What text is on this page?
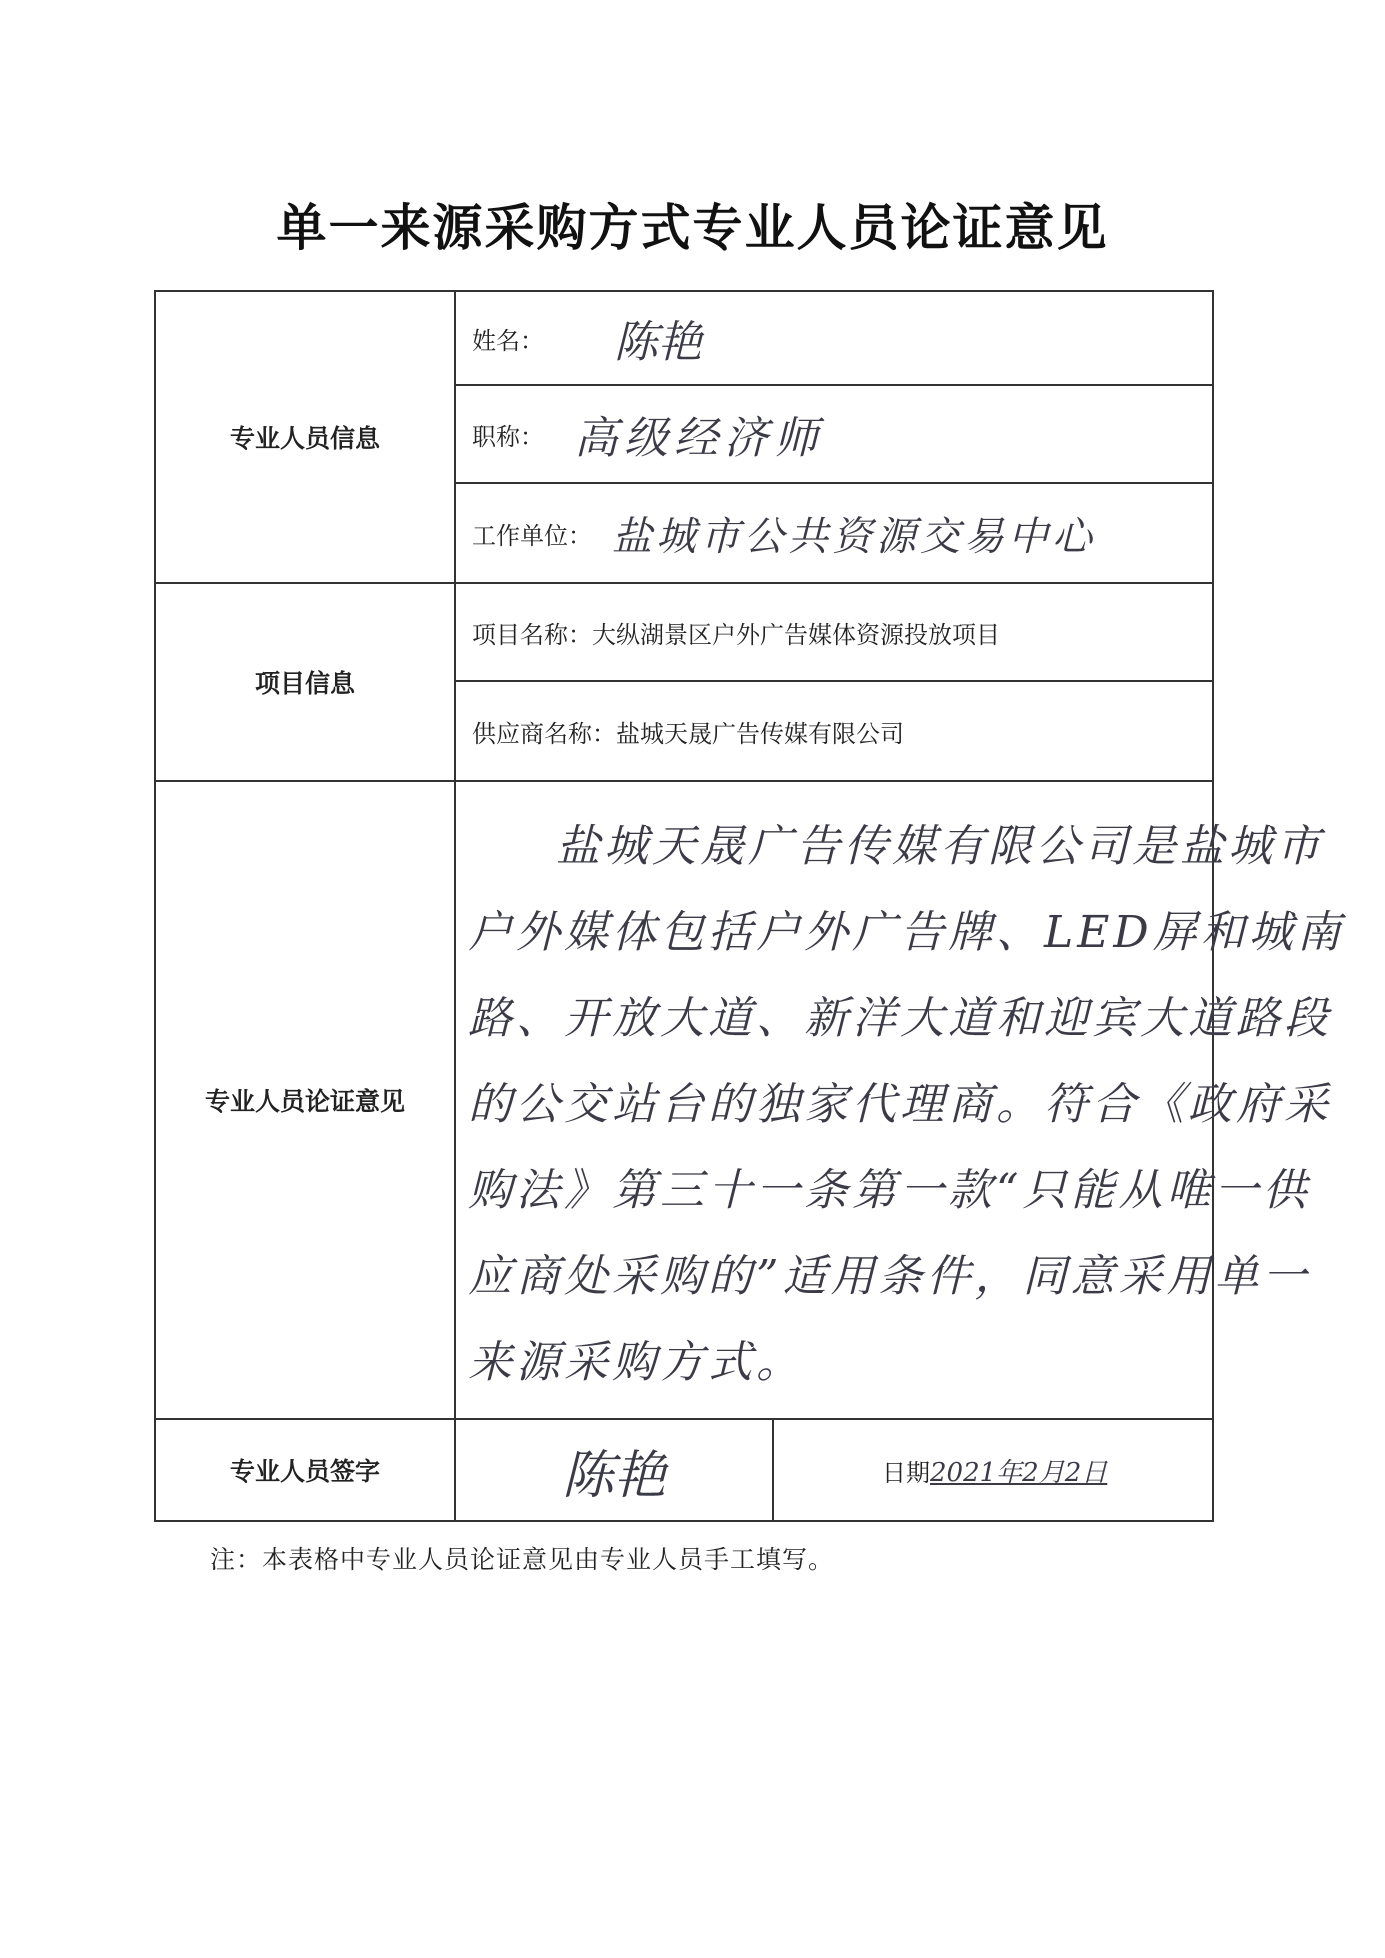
单一来源采购方式专业人员论证意见
专业人员信息
姓名： 陈艳
职称： 高级经济师
工作单位： 盐城市公共资源交易中心
项目信息
项目名称： 大纵湖景区户外广告媒体资源投放项目
供应商名称： 盐城天晟广告传媒有限公司
专业人员论证意见
盐城天晟广告传媒有限公司是盐城市户外媒体包括户外广告牌、LED屏和城南路、开放大道、新洋大道和迎宾大道路段的公交站台的独家代理商。符合《政府采购法》第三十一条第一款“只能从唯一供应商处采购的”适用条件，同意采用单一来源采购方式。
专业人员签字	陈艳	日期 2021年2月2日
注：本表格中专业人员论证意见由专业人员手工填写。
